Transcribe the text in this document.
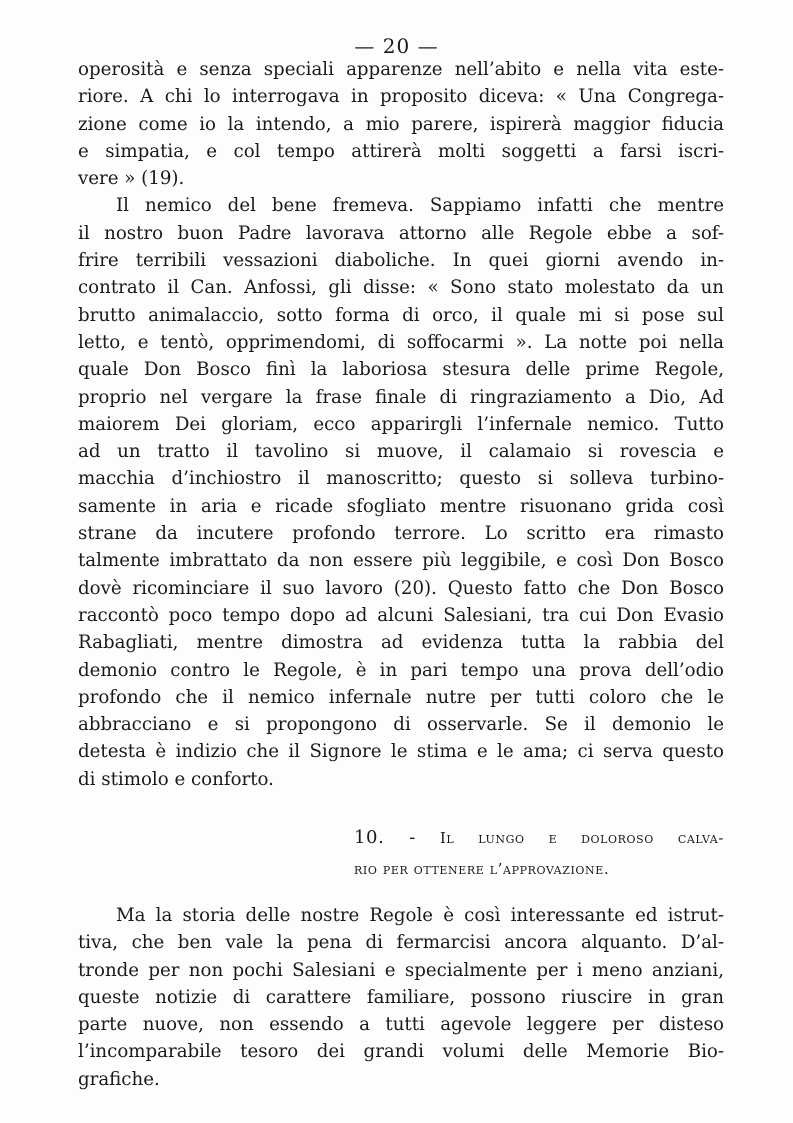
— 20 —
operosità e senza speciali apparenze nell’abito e nella vita este-
riore. A chi lo interrogava in proposito diceva: « Una Congrega-
zione come io la intendo, a mio parere, ispirerà maggior fiducia
e simpatia, e col tempo attirerà molti soggetti a farsi iscri-
vere » (19).
Il nemico del bene fremeva. Sappiamo infatti che mentre
il nostro buon Padre lavorava attorno alle Regole ebbe a sof-
frire terribili vessazioni diaboliche. In quei giorni avendo in-
contrato il Can. Anfossi, gli disse: « Sono stato molestato da un
brutto animalaccio, sotto forma di orco, il quale mi si pose sul
letto, e tentò, opprimendomi, di soffocarmi ». La notte poi nella
quale Don Bosco finì la laboriosa stesura delle prime Regole,
proprio nel vergare la frase finale di ringraziamento a Dio, Ad
maiorem Dei gloriam, ecco apparirgli l’infernale nemico. Tutto
ad un tratto il tavolino si muove, il calamaio si rovescia e
macchia d’inchiostro il manoscritto; questo si solleva turbino-
samente in aria e ricade sfogliato mentre risuonano grida così
strane da incutere profondo terrore. Lo scritto era rimasto
talmente imbrattato da non essere più leggibile, e così Don Bosco
dovè ricominciare il suo lavoro (20). Questo fatto che Don Bosco
raccontò poco tempo dopo ad alcuni Salesiani, tra cui Don Evasio
Rabagliati, mentre dimostra ad evidenza tutta la rabbia del
demonio contro le Regole, è in pari tempo una prova dell’odio
profondo che il nemico infernale nutre per tutti coloro che le
abbracciano e si propongono di osservarle. Se il demonio le
detesta è indizio che il Signore le stima e le ama; ci serva questo
di stimolo e conforto.
10. - Il lungo e doloroso calva-
rio per ottenere l’approvazione.
Ma la storia delle nostre Regole è così interessante ed istrut-
tiva, che ben vale la pena di fermarcisi ancora alquanto. D’al-
tronde per non pochi Salesiani e specialmente per i meno anziani,
queste notizie di carattere familiare, possono riuscire in gran
parte nuove, non essendo a tutti agevole leggere per disteso
l’incomparabile tesoro dei grandi volumi delle Memorie Bio-
grafiche.
